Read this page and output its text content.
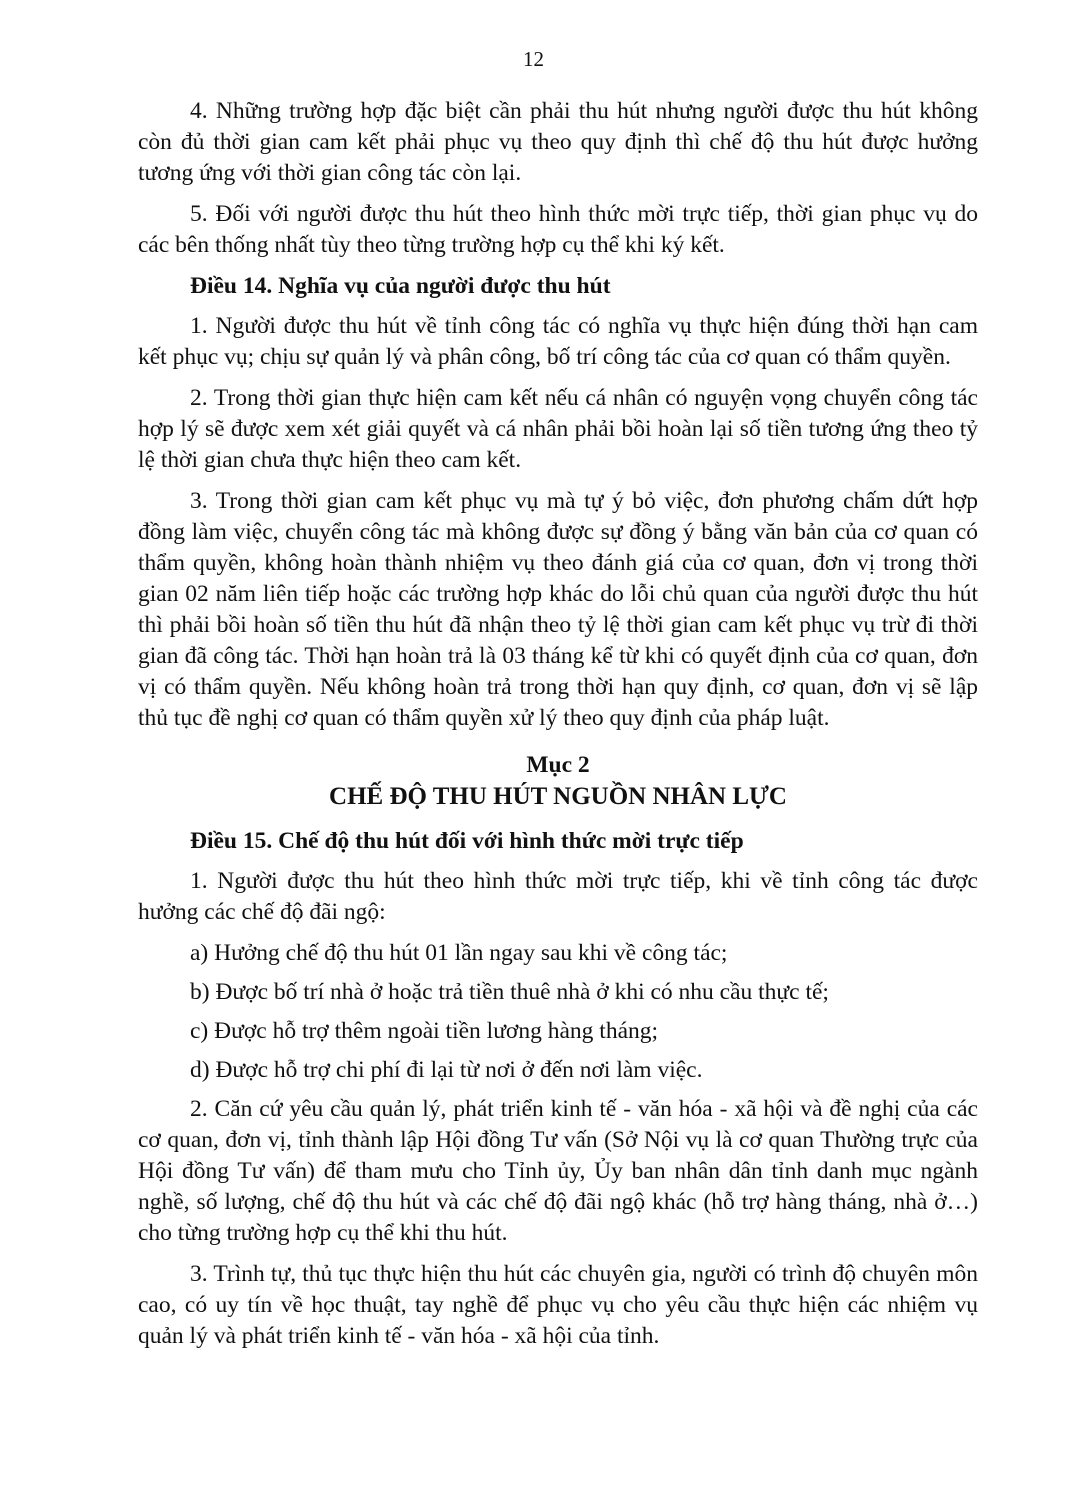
12

4. Những trường hợp đặc biệt cần phải thu hút nhưng người được thu hút không còn đủ thời gian cam kết phải phục vụ theo quy định thì chế độ thu hút được hưởng tương ứng với thời gian công tác còn lại.

5. Đối với người được thu hút theo hình thức mời trực tiếp, thời gian phục vụ do các bên thống nhất tùy theo từng trường hợp cụ thể khi ký kết.

Điều 14. Nghĩa vụ của người được thu hút

1. Người được thu hút về tỉnh công tác có nghĩa vụ thực hiện đúng thời hạn cam kết phục vụ; chịu sự quản lý và phân công, bố trí công tác của cơ quan có thẩm quyền.

2. Trong thời gian thực hiện cam kết nếu cá nhân có nguyện vọng chuyển công tác hợp lý sẽ được xem xét giải quyết và cá nhân phải bồi hoàn lại số tiền tương ứng theo tỷ lệ thời gian chưa thực hiện theo cam kết.

3. Trong thời gian cam kết phục vụ mà tự ý bỏ việc, đơn phương chấm dứt hợp đồng làm việc, chuyển công tác mà không được sự đồng ý bằng văn bản của cơ quan có thẩm quyền, không hoàn thành nhiệm vụ theo đánh giá của cơ quan, đơn vị trong thời gian 02 năm liên tiếp hoặc các trường hợp khác do lỗi chủ quan của người được thu hút thì phải bồi hoàn số tiền thu hút đã nhận theo tỷ lệ thời gian cam kết phục vụ trừ đi thời gian đã công tác. Thời hạn hoàn trả là 03 tháng kể từ khi có quyết định của cơ quan, đơn vị có thẩm quyền. Nếu không hoàn trả trong thời hạn quy định, cơ quan, đơn vị sẽ lập thủ tục đề nghị cơ quan có thẩm quyền xử lý theo quy định của pháp luật.

Mục 2
CHẾ ĐỘ THU HÚT NGUỒN NHÂN LỰC
Điều 15. Chế độ thu hút đối với hình thức mời trực tiếp

1. Người được thu hút theo hình thức mời trực tiếp, khi về tỉnh công tác được hưởng các chế độ đãi ngộ:

a) Hưởng chế độ thu hút 01 lần ngay sau khi về công tác;

b) Được bố trí nhà ở hoặc trả tiền thuê nhà ở khi có nhu cầu thực tế;

c) Được hỗ trợ thêm ngoài tiền lương hàng tháng;

d) Được hỗ trợ chi phí đi lại từ nơi ở đến nơi làm việc.

2. Căn cứ yêu cầu quản lý, phát triển kinh tế - văn hóa - xã hội và đề nghị của các cơ quan, đơn vị, tỉnh thành lập Hội đồng Tư vấn (Sở Nội vụ là cơ quan Thường trực của Hội đồng Tư vấn) để tham mưu cho Tỉnh ủy, Ủy ban nhân dân tỉnh danh mục ngành nghề, số lượng, chế độ thu hút và các chế độ đãi ngộ khác (hỗ trợ hàng tháng, nhà ở…) cho từng trường hợp cụ thể khi thu hút.

3. Trình tự, thủ tục thực hiện thu hút các chuyên gia, người có trình độ chuyên môn cao, có uy tín về học thuật, tay nghề để phục vụ cho yêu cầu thực hiện các nhiệm vụ quản lý và phát triển kinh tế - văn hóa - xã hội của tỉnh.
